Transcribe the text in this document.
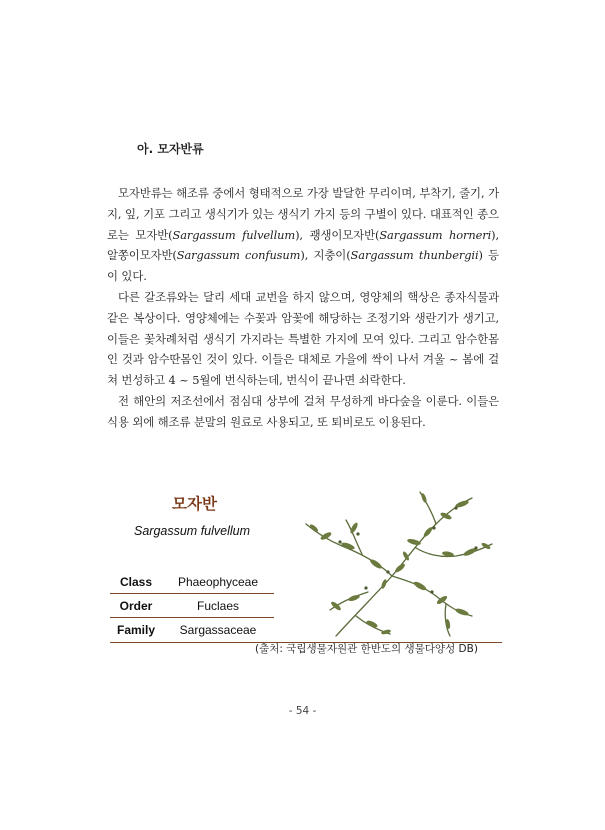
아. 모자반류

모자반류는 해조류 중에서 형태적으로 가장 발달한 무리이며, 부착기, 줄기, 가지, 잎, 기포 그리고 생식기가 있는 생식기 가지 등의 구별이 있다. 대표적인 종으로는 모자반(Sargassum fulvellum), 괭생이모자반(Sargassum horneri), 알쫑이모자반(Sargassum confusum), 지충이(Sargassum thunbergii) 등이 있다.

다른 갈조류와는 달리 세대 교번을 하지 않으며, 영양체의 핵상은 종자식물과 같은 복상이다. 영양체에는 수꽃과 암꽃에 해당하는 조정기와 생란기가 생기고, 이들은 꽃차례처럼 생식기 가지라는 특별한 가지에 모여 있다. 그리고 암수한몸인 것과 암수딴몸인 것이 있다. 이들은 대체로 가을에 싹이 나서 겨울 ~ 봄에 걸쳐 번성하고 4 ~ 5월에 번식하는데, 번식이 끝나면 쇠락한다.

전 해안의 저조선에서 점심대 상부에 걸쳐 무성하게 바다숲을 이룬다. 이들은 식용 외에 해조류 분말의 원료로 사용되고, 또 퇴비로도 이용된다.

모자반
Sargassum fulvellum
Class	Phaeophyceae
Order	Fuclaes
Family	Sargassaceae
(출처: 국립생물자원관 한반도의 생물다양성 DB)
- 54 -
